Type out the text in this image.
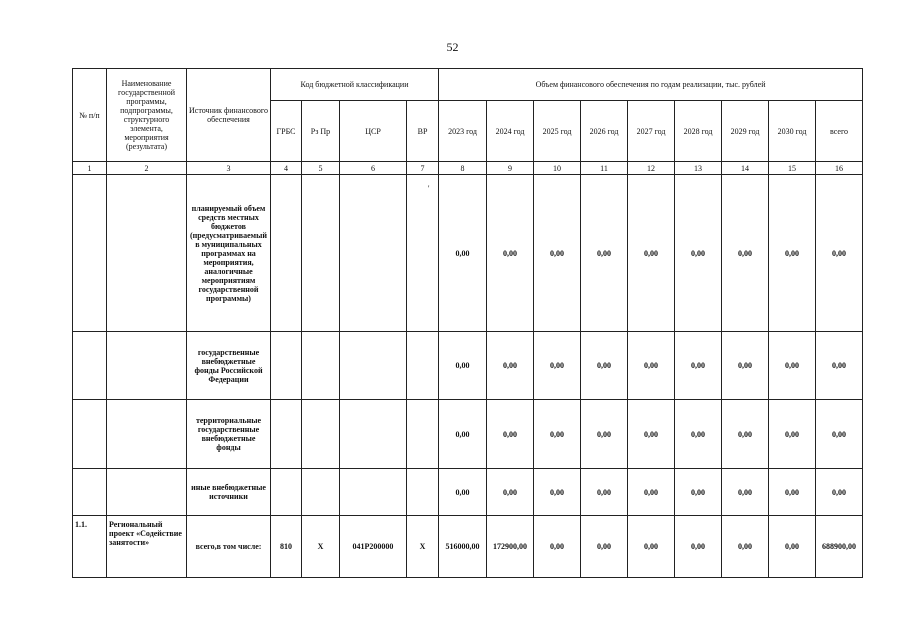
52
'
№ п/п	Наименование государственной программы, подпрограммы, структурного элемента, мероприятия (результата)	Источник финансового обеспечения	Код бюджетной классификации				Объем финансового обеспечения по годам реализации, тыс. рублей								
			ГРБС	Рз Пр	ЦСР	ВР	2023 год	2024 год	2025 год	2026 год	2027 год	2028 год	2029 год	2030 год	всего
1	2	3	4	5	6	7	8	9	10	11	12	13	14	15	16
		планируемый объем средств местных бюджетов (предусматриваемый в муниципальных программах на мероприятия, аналогичные мероприятиям государственной программы)					0,00	0,00	0,00	0,00	0,00	0,00	0,00	0,00	0,00
		государственные внебюджетные фонды Российской Федерации					0,00	0,00	0,00	0,00	0,00	0,00	0,00	0,00	0,00
		территориальные государственные внебюджетные фонды					0,00	0,00	0,00	0,00	0,00	0,00	0,00	0,00	0,00
		иные внебюджетные источники					0,00	0,00	0,00	0,00	0,00	0,00	0,00	0,00	0,00
1.1.	Региональный проект «Содействие занятости»	всего,в том числе:	810	X	041P200000	X	516000,00	172900,00	0,00	0,00	0,00	0,00	0,00	0,00	688900,00
